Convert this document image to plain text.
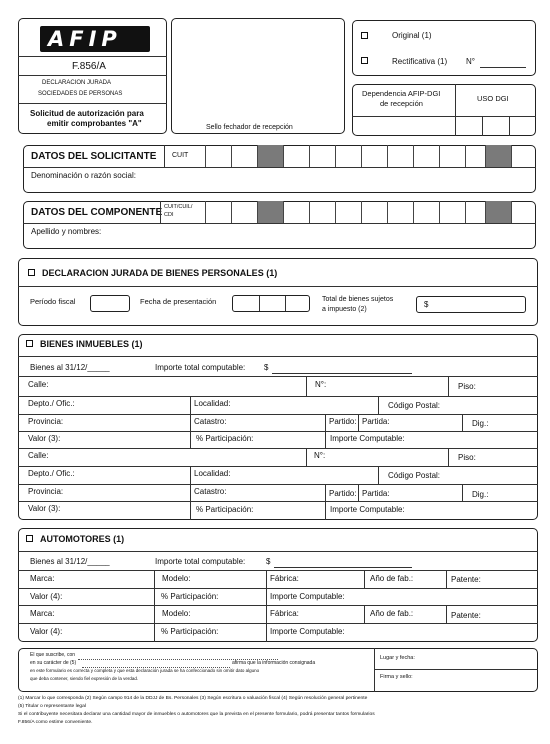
AFIP
F.856/A
DECLARACION JURADA
SOCIEDADES DE PERSONAS
Solicitud de autorización para
emitir comprobantes "A"	Sello fechador de recepción
Original (1)
Rectificativa (1) N°
Dependencia AFIP-DGI
de recepción
USO DGI
DATOS DEL SOLICITANTE CUIT
Denominación o razón social:
DATOS DEL COMPONENTE CUIT/CUIL/
CDI
Apellido y nombres:
DECLARACION JURADA DE BIENES PERSONALES (1)
Período fiscal	Fecha de presentación	Total de bienes sujetos
a impuesto (2)
$
BIENES INMUEBLES (1)
Bienes al 31/12/_____	Importe total computable: $
Calle:	N°:	Piso:
Depto./ Ofic.:	Localidad:	Código Postal:
Provincia:	Catastro:	Partido: Partida:	Dig.:
Valor (3):	% Participación:	Importe Computable:
Calle:	N°:	Piso:
Depto./ Ofic.:	Localidad:	Código Postal:
Provincia:	Catastro:	Partido: Partida:	Dig.:
Valor (3):	% Participación:	Importe Computable:
AUTOMOTORES (1)
Bienes al 31/12/_____	Importe total computable:	$
Marca:	Modelo:	Fábrica:	Año de fab.:	Patente:
Valor (4):	% Participación:	Importe Computable:
Marca:	Modelo:	Fábrica:	Año de fab.:	Patente:
Valor (4):	% Participación:	Importe Computable:
El que suscribe, con
en su carácter de (5)	afirma que la información consignada
en este formulario es correcta y completa y que esta declaración jurada se ha confeccionado sin omitir dato alguno
que deba contener, siendo fiel expresión de la verdad.
Lugar y fecha:
Firma y sello:
(1) Marcar lo que corresponda (2) Según campo 914 de la DDJJ de Bs. Personales (3) Según escritura o valuación fiscal (4) Según resolución general pertinente
(5) Titular o representante legal
Si el contribuyente necesitara declarar una cantidad mayor de inmuebles o automotores que la prevista en el presente formulario, podrá presentar tantos formularios
F.856/A como estime conveniente.
